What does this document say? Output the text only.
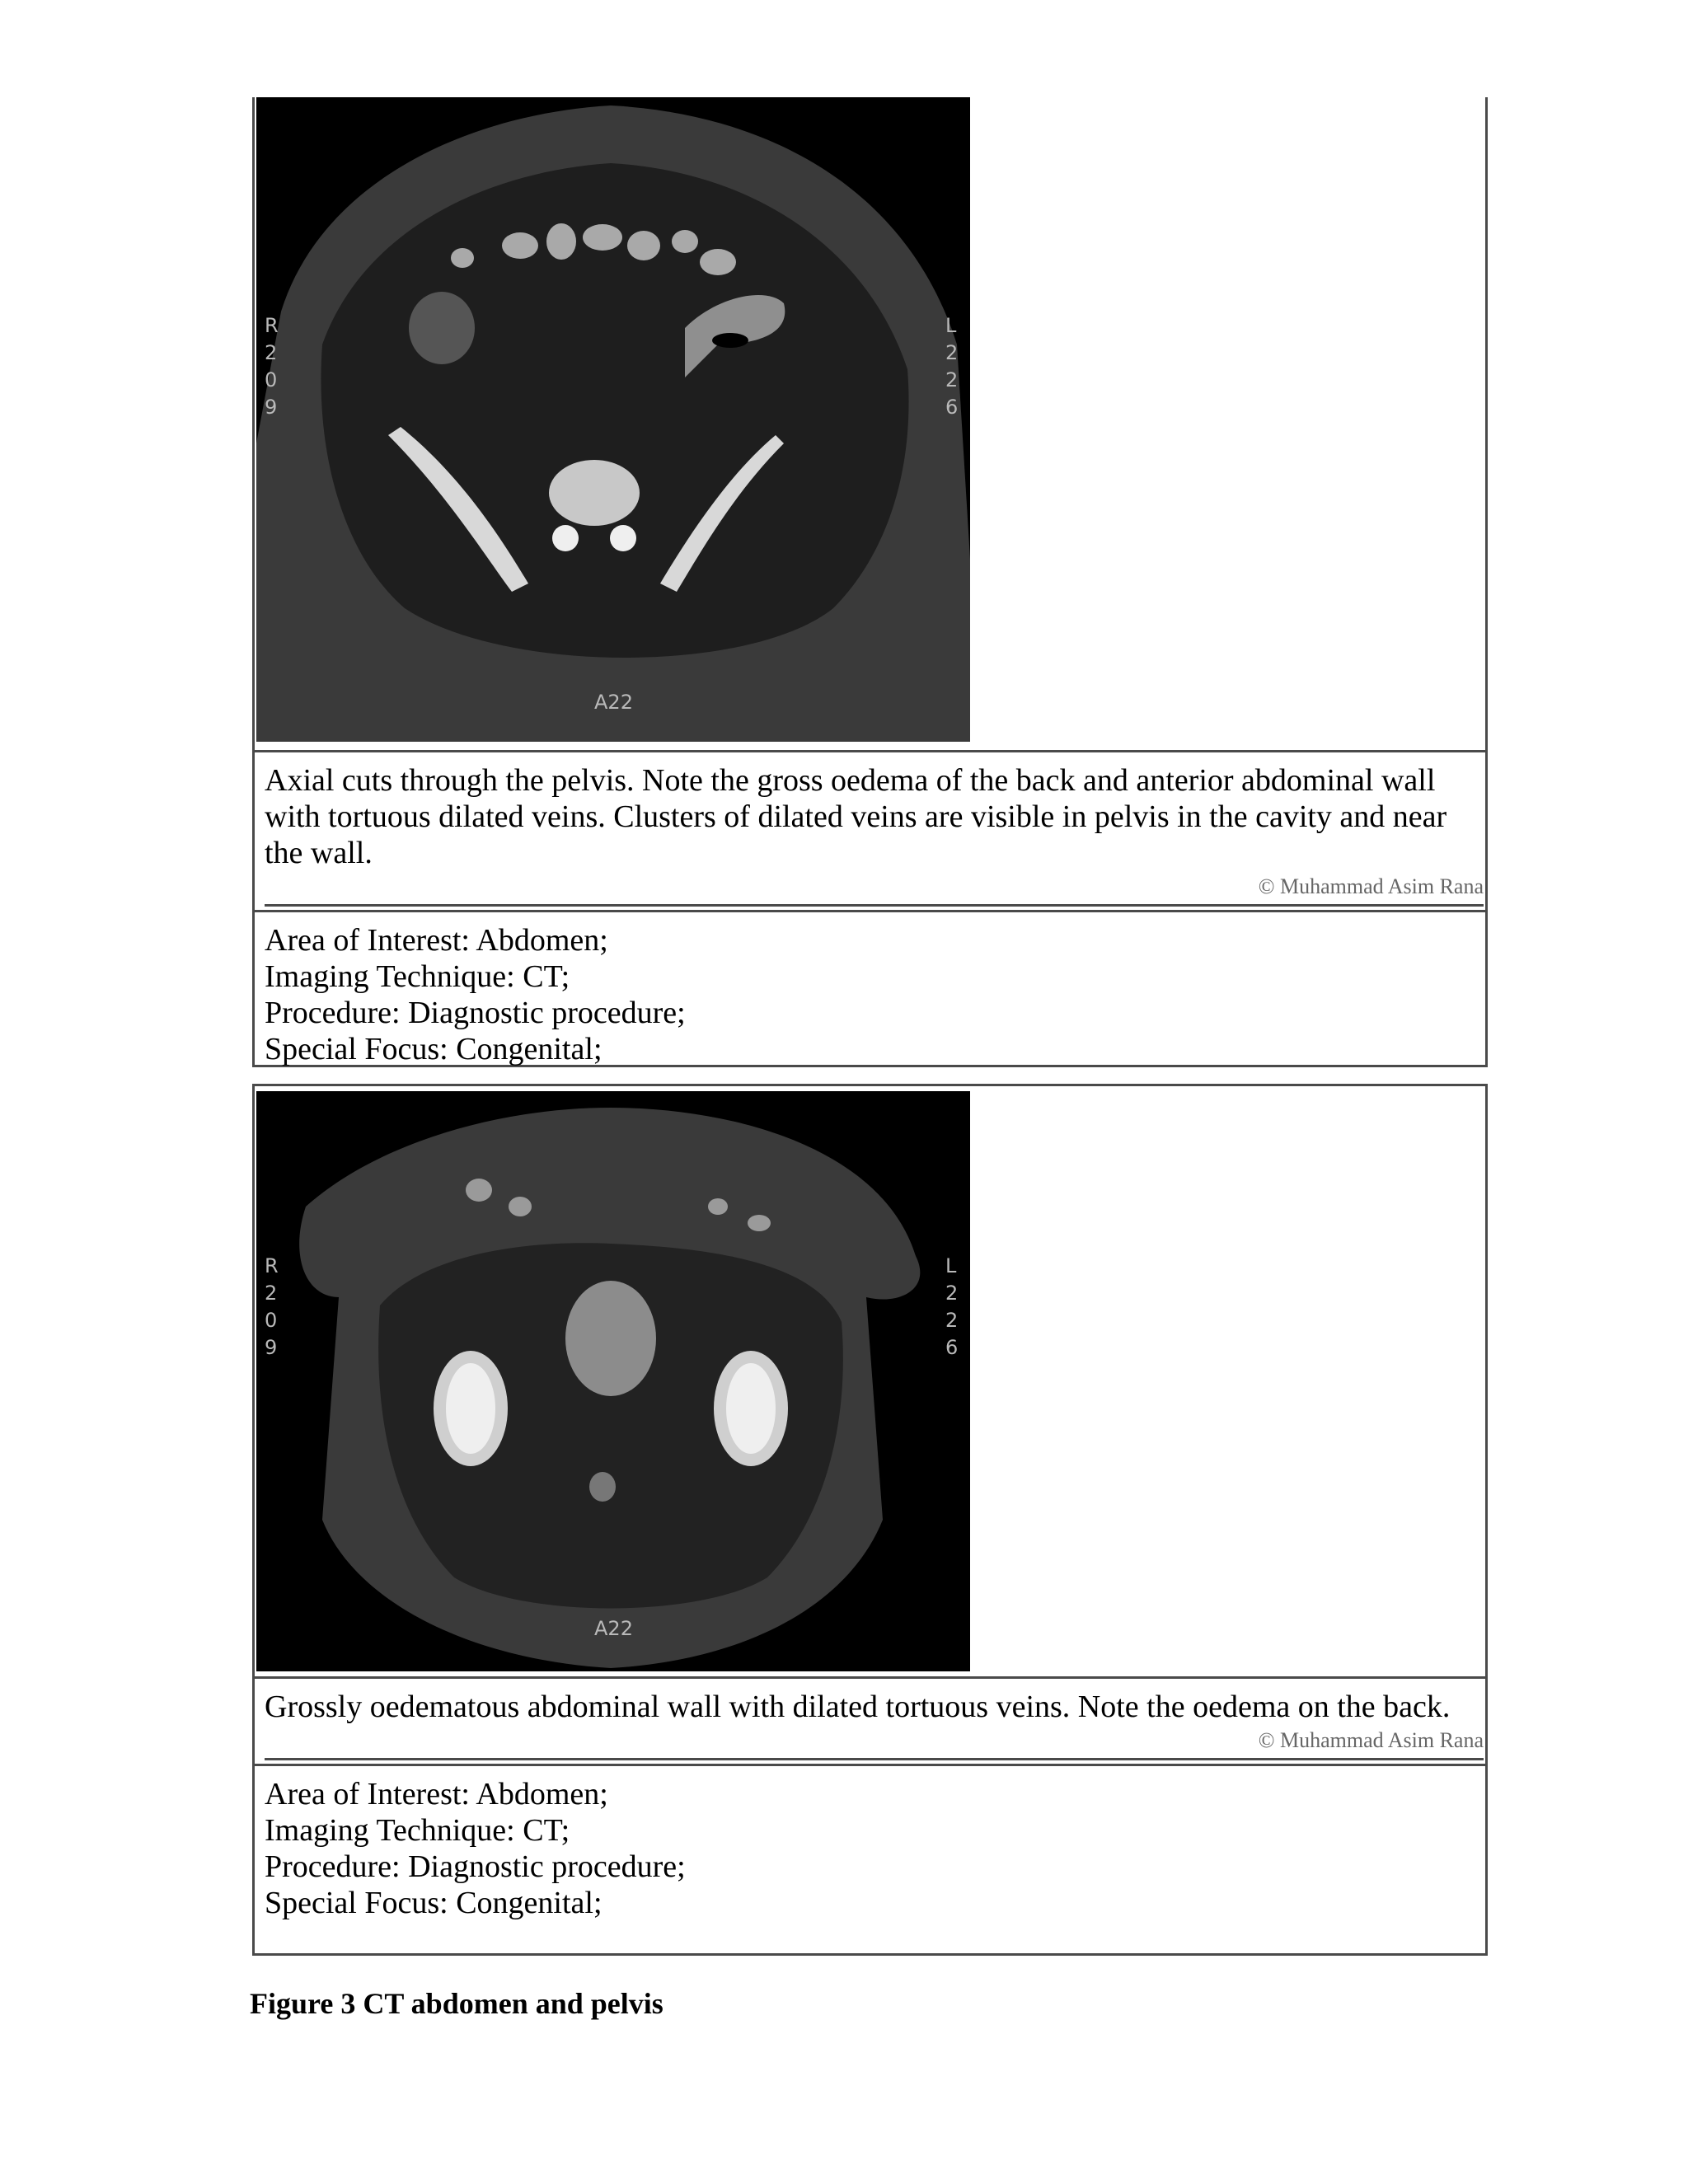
R
2
0
9
L
2
2
6
A22

Axial cuts through the pelvis. Note the gross oedema of the back and anterior abdominal wall with tortuous dilated veins. Clusters of dilated veins are visible in pelvis in the cavity and near the wall.

© Muhammad Asim Rana
Area of Interest: Abdomen;
Imaging Technique: CT;
Procedure: Diagnostic procedure;
Special Focus: Congenital;
R
2
0
9
L
2
2
6
A22

Grossly oedematous abdominal wall with dilated tortuous veins. Note the oedema on the back.

© Muhammad Asim Rana
Area of Interest: Abdomen;
Imaging Technique: CT;
Procedure: Diagnostic procedure;
Special Focus: Congenital;
Figure 3 CT abdomen and pelvis
